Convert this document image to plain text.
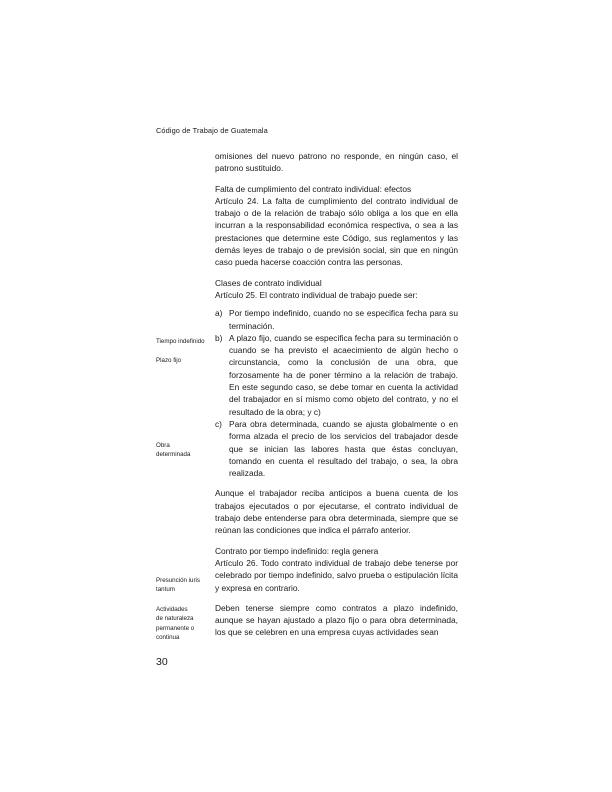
Código de Trabajo de Guatemala

omisiones del nuevo patrono no responde, en ningún caso, el patrono sustituido.

Falta de cumplimiento del contrato individual: efectos

Artículo 24. La falta de cumplimiento del contrato individual de trabajo o de la relación de trabajo sólo obliga a los que en ella incurran a la responsabilidad económica respectiva, o sea a las prestaciones que determine este Código, sus reglamentos y las demás leyes de trabajo o de previsión social, sin que en ningún caso pueda hacerse coacción contra las personas.

Clases de contrato individual

Artículo 25. El contrato individual de trabajo puede ser:

a) Por tiempo indefinido, cuando no se especifica fecha para su terminación.
b) A plazo fijo, cuando se especifica fecha para su terminación o cuando se ha previsto el acaecimiento de algún hecho o circunstancia, como la conclusión de una obra, que forzosamente ha de poner término a la relación de trabajo. En este segundo caso, se debe tomar en cuenta la actividad del trabajador en sí mismo como objeto del contrato, y no el resultado de la obra; y c)
c) Para obra determinada, cuando se ajusta globalmente o en forma alzada el precio de los servicios del trabajador desde que se inician las labores hasta que éstas concluyan, tomando en cuenta el resultado del trabajo, o sea, la obra realizada.

Aunque el trabajador reciba anticipos a buena cuenta de los trabajos ejecutados o por ejecutarse, el contrato individual de trabajo debe entenderse para obra determinada, siempre que se reúnan las condiciones que indica el párrafo anterior.

Contrato por tiempo indefinido: regla genera

Artículo 26. Todo contrato individual de trabajo debe tenerse por celebrado por tiempo indefinido, salvo prueba o estipulación lícita y expresa en contrario.

Deben tenerse siempre como contratos a plazo indefinido, aunque se hayan ajustado a plazo fijo o para obra determinada, los que se celebren en una empresa cuyas actividades sean

Tiempo indefinido
Plazo fijo
Obra
determinada
Presunción iuris
tantum
Actividades
de naturaleza
permanente o
continua
30
